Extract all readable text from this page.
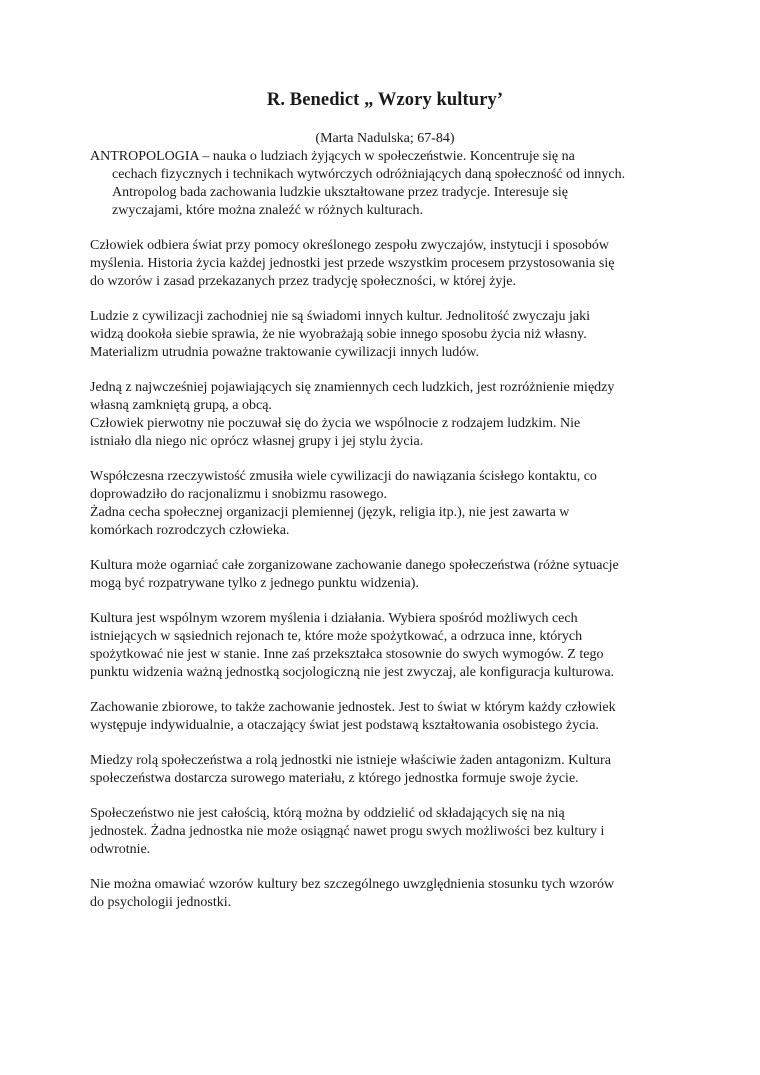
R. Benedict „ Wzory kultury’
(Marta Nadulska; 67-84)
ANTROPOLOGIA – nauka o ludziach żyjących w społeczeństwie. Koncentruje się na
cechach fizycznych i technikach wytwórczych odróżniających daną społeczność od innych.
Antropolog bada zachowania ludzkie ukształtowane przez tradycje. Interesuje się
zwyczajami, które można znaleźć w różnych kulturach.
Człowiek odbiera świat przy pomocy określonego zespołu zwyczajów, instytucji i sposobów
myślenia. Historia życia każdej jednostki jest przede wszystkim procesem przystosowania się
do wzorów i zasad przekazanych przez tradycję społeczności, w której żyje.
Ludzie z cywilizacji zachodniej nie są świadomi innych kultur. Jednolitość zwyczaju jaki
widzą dookoła siebie sprawia, że nie wyobrażają sobie innego sposobu życia niż własny.
Materializm utrudnia poważne traktowanie cywilizacji innych ludów.
Jedną z najwcześniej pojawiających się znamiennych cech ludzkich, jest rozróżnienie między
własną zamkniętą grupą, a obcą.
Człowiek pierwotny nie poczuwał się do życia we wspólnocie z rodzajem ludzkim. Nie
istniało dla niego nic oprócz własnej grupy i jej stylu życia.
Współczesna rzeczywistość zmusiła wiele cywilizacji do nawiązania ścisłego kontaktu, co
doprowadziło do racjonalizmu i snobizmu rasowego.
Żadna cecha społecznej organizacji plemiennej (język, religia itp.), nie jest zawarta w
komórkach rozrodczych człowieka.
Kultura może ogarniać całe zorganizowane zachowanie danego społeczeństwa (różne sytuacje
mogą być rozpatrywane tylko z jednego punktu widzenia).
Kultura jest wspólnym wzorem myślenia i działania. Wybiera spośród możliwych cech
istniejących w sąsiednich rejonach te, które może spożytkować, a odrzuca inne, których
spożytkować nie jest w stanie. Inne zaś przekształca stosownie do swych wymogów. Z tego
punktu widzenia ważną jednostką socjologiczną nie jest zwyczaj, ale konfiguracja kulturowa.
Zachowanie zbiorowe, to także zachowanie jednostek. Jest to świat w którym każdy człowiek
występuje indywidualnie, a otaczający świat jest podstawą kształtowania osobistego życia.
Miedzy rolą społeczeństwa a rolą jednostki nie istnieje właściwie żaden antagonizm. Kultura
społeczeństwa dostarcza surowego materiału, z którego jednostka formuje swoje życie.
Społeczeństwo nie jest całością, którą można by oddzielić od składających się na nią
jednostek. Żadna jednostka nie może osiągnąć nawet progu swych możliwości bez kultury i
odwrotnie.
Nie można omawiać wzorów kultury bez szczególnego uwzględnienia stosunku tych wzorów
do psychologii jednostki.
